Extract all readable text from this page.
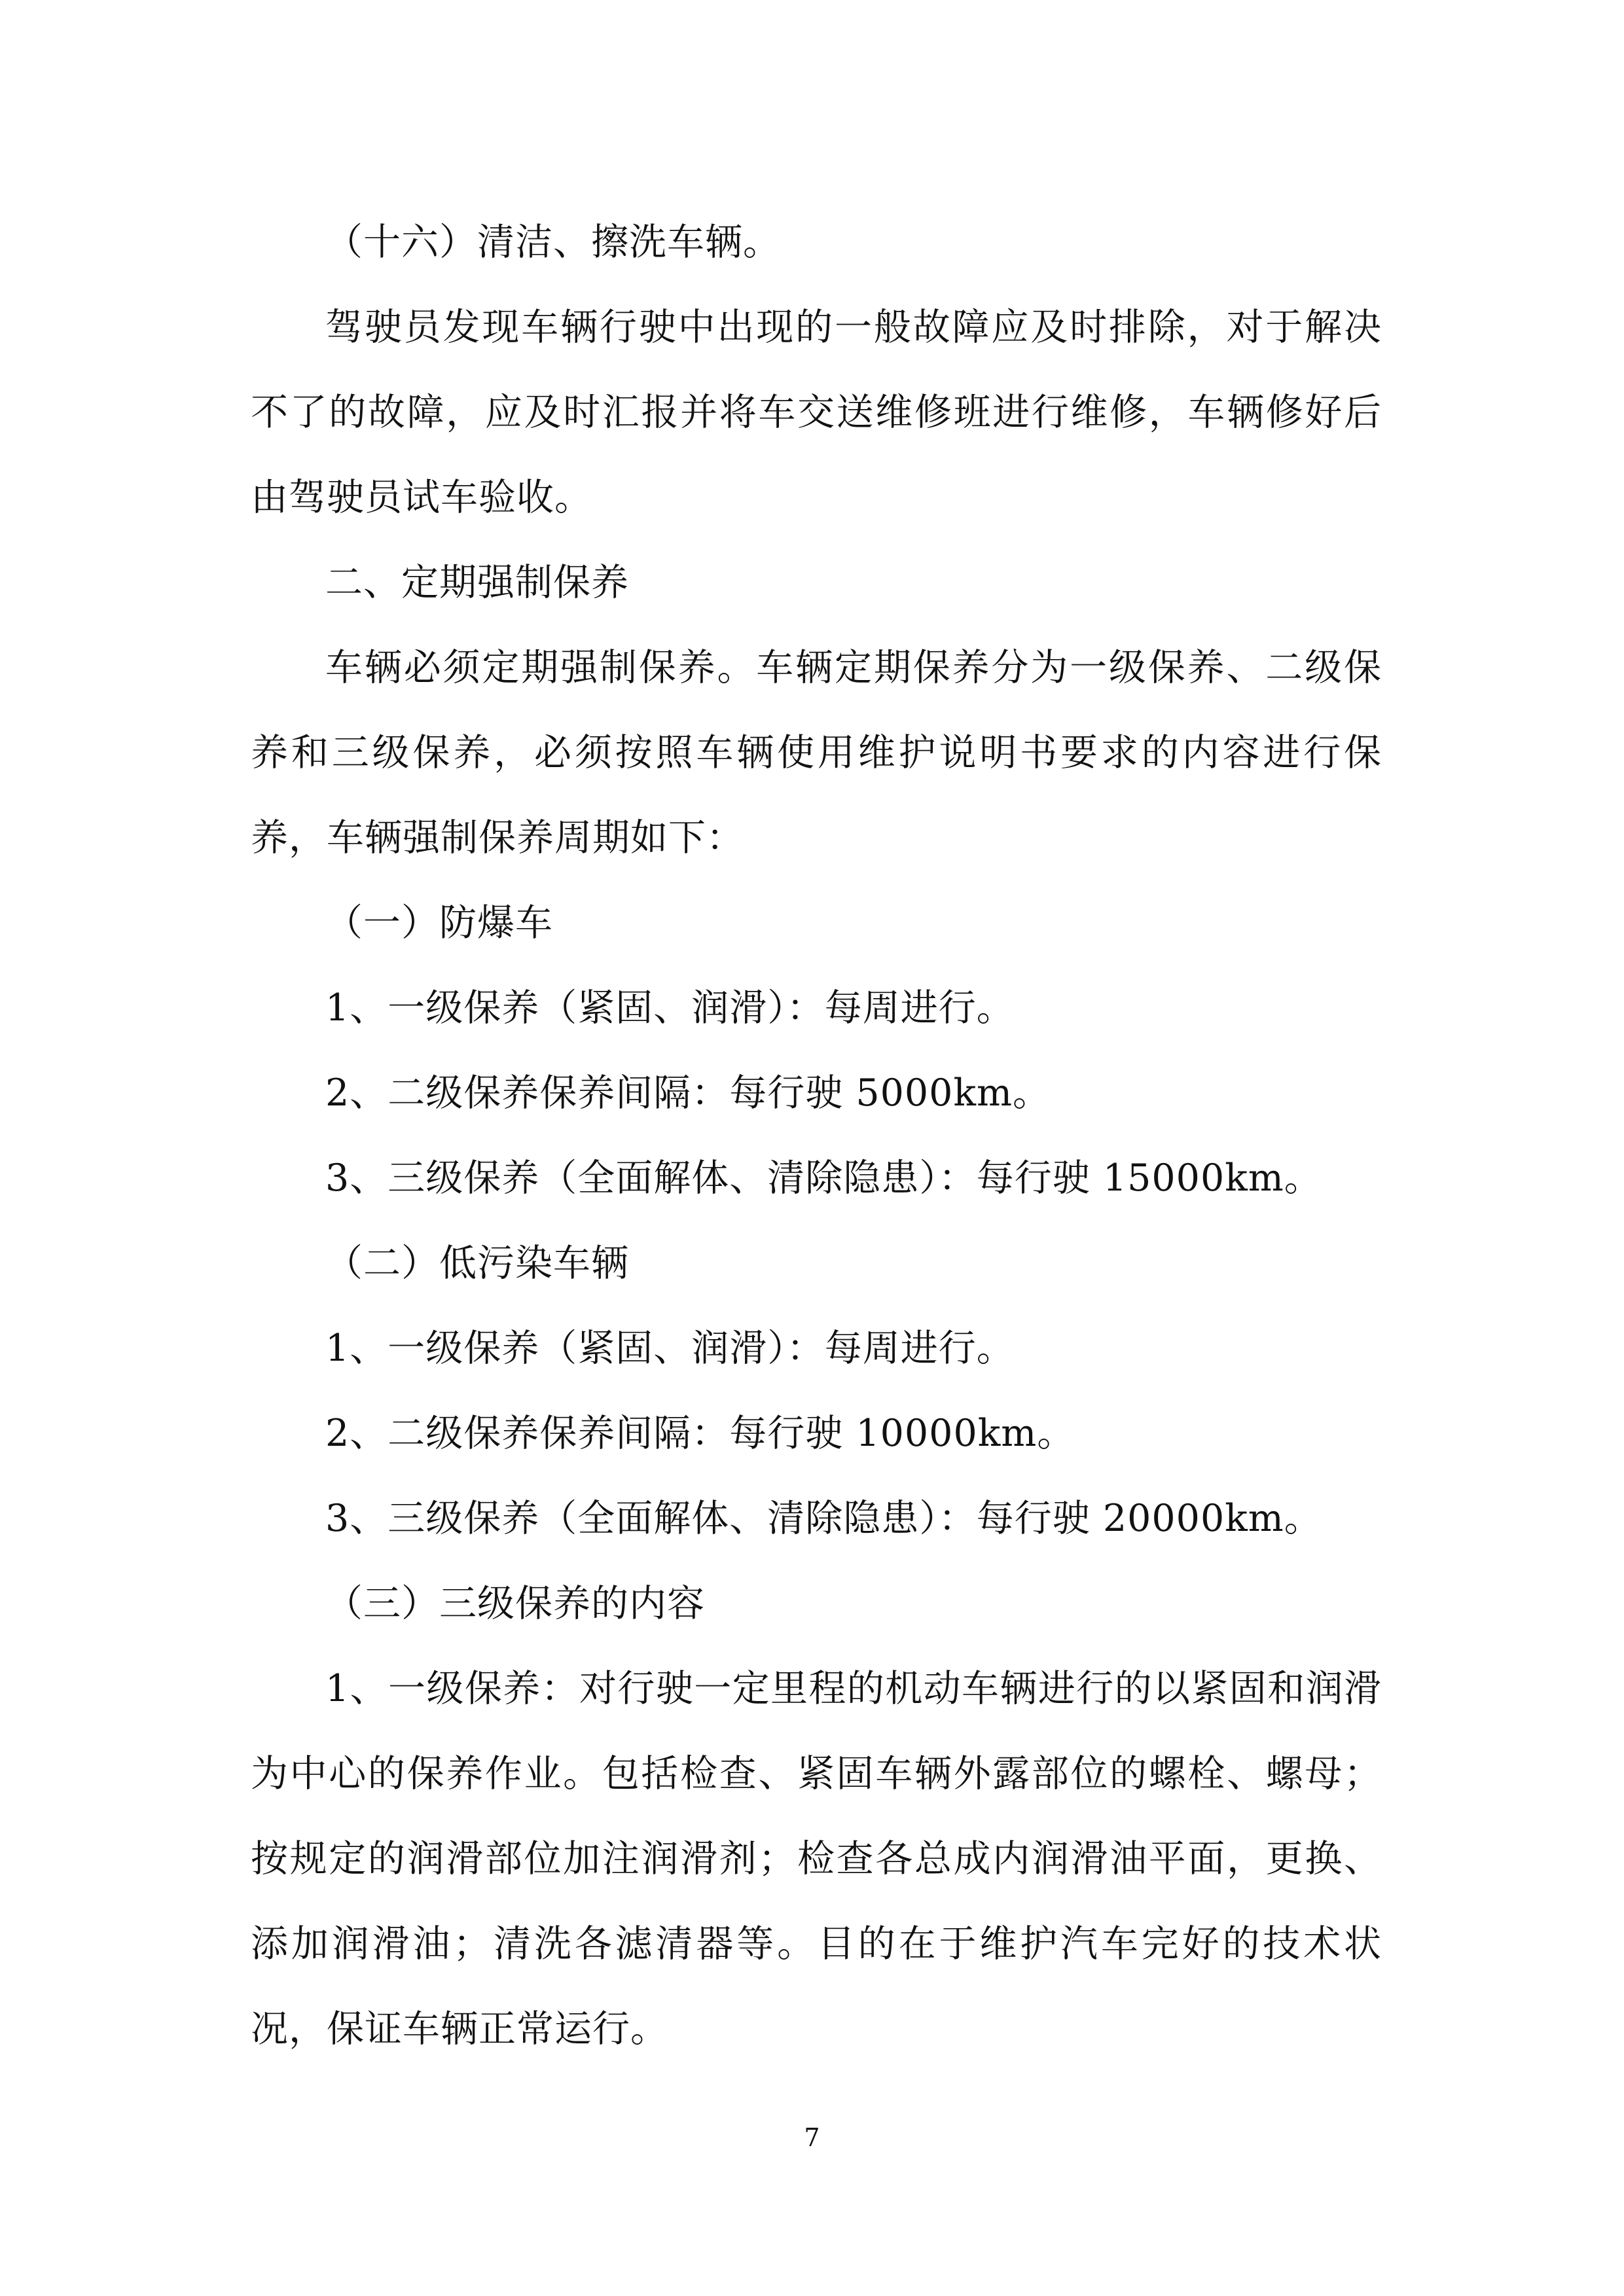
（十六）清洁、擦洗车辆。

驾驶员发现车辆行驶中出现的一般故障应及时排除，对于解决不了的故障，应及时汇报并将车交送维修班进行维修，车辆修好后由驾驶员试车验收。

二、定期强制保养

车辆必须定期强制保养。车辆定期保养分为一级保养、二级保养和三级保养，必须按照车辆使用维护说明书要求的内容进行保养，车辆强制保养周期如下：

（一）防爆车

1、一级保养（紧固、润滑）：每周进行。

2、二级保养保养间隔：每行驶 5000km。

3、三级保养（全面解体、清除隐患）：每行驶 15000km。

（二）低污染车辆

1、一级保养（紧固、润滑）：每周进行。

2、二级保养保养间隔：每行驶 10000km。

3、三级保养（全面解体、清除隐患）：每行驶 20000km。

（三）三级保养的内容

1、一级保养：对行驶一定里程的机动车辆进行的以紧固和润滑为中心的保养作业。包括检查、紧固车辆外露部位的螺栓、螺母；按规定的润滑部位加注润滑剂；检查各总成内润滑油平面，更换、添加润滑油；清洗各滤清器等。目的在于维护汽车完好的技术状况，保证车辆正常运行。

7
